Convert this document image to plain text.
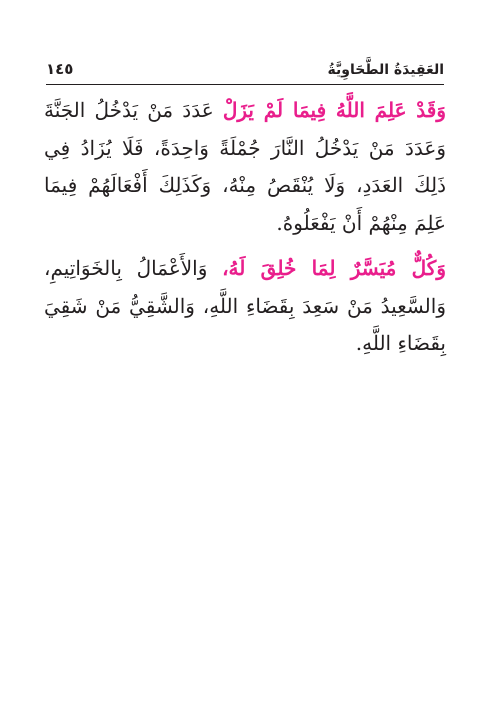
العَقِيدَةُ الطَّحَاوِيَّةُ
١٤٥

وَقَدْ عَلِمَ اللَّهُ فِيمَا لَمْ يَزَلْ عَدَدَ مَنْ يَدْخُلُ الجَنَّةَ وَعَدَدَ مَنْ يَدْخُلُ النَّارَ جُمْلَةً وَاحِدَةً، فَلَا يُزَادُ فِي ذَلِكَ العَدَدِ، وَلَا يُنْقَصُ مِنْهُ، وَكَذَلِكَ أَفْعَالَهُمْ فِيمَا عَلِمَ مِنْهُمْ أَنْ يَفْعَلُوهُ.

وَكُلٌّ مُيَسَّرٌ لِمَا خُلِقَ لَهُ، وَالأَعْمَالُ بِالخَوَاتِيمِ، وَالسَّعِيدُ مَنْ سَعِدَ بِقَضَاءِ اللَّهِ، وَالشَّقِيُّ مَنْ شَقِيَ بِقَضَاءِ اللَّهِ.
